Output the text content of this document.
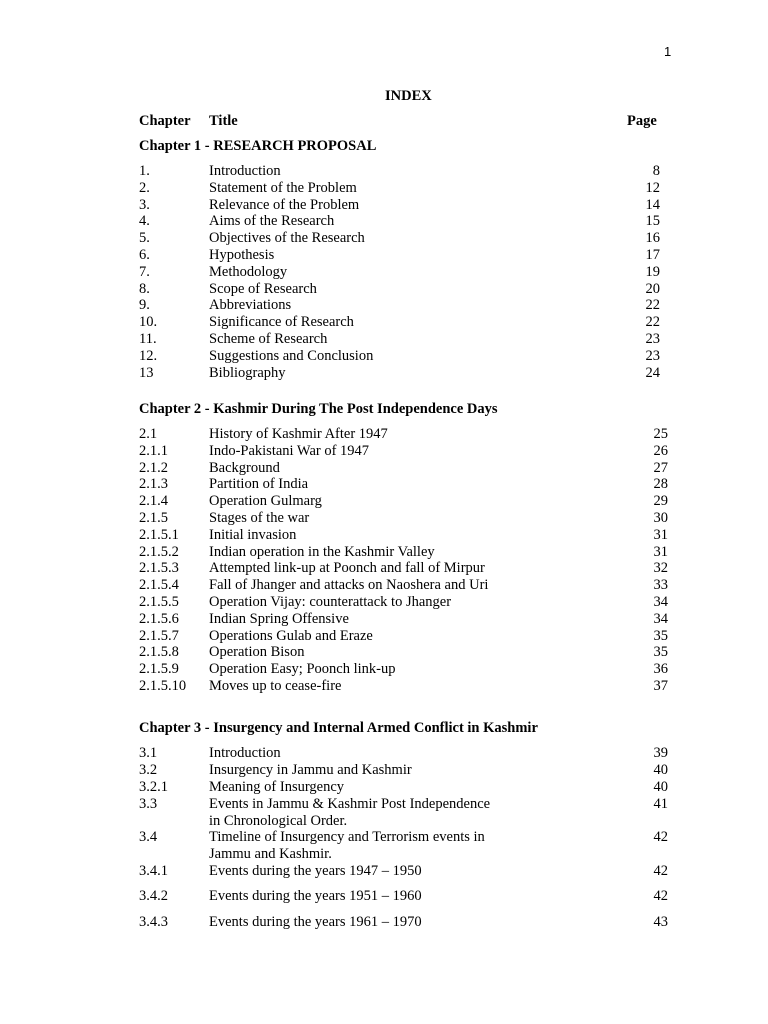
1
INDEX
Chapter Title	Page
Chapter 1 - RESEARCH PROPOSAL
1.	Introduction	8
2.	Statement of the Problem	12
3.	Relevance of the Problem	14
4.	Aims of the Research	15
5.	Objectives of the Research	16
6.	Hypothesis	17
7.	Methodology	19
8.	Scope of Research	20
9.	Abbreviations	22
10.	Significance of Research	22
11.	Scheme of Research	23
12.	Suggestions and Conclusion	23
13	Bibliography	24
Chapter 2 - Kashmir During The Post Independence Days
2.1	History of Kashmir After 1947	25
2.1.1	Indo-Pakistani War of 1947	26
2.1.2	Background	27
2.1.3	Partition of India	28
2.1.4	Operation Gulmarg	29
2.1.5	Stages of the war	30
2.1.5.1 Initial invasion	31
2.1.5.2 Indian operation in the Kashmir Valley	31
2.1.5.3 Attempted link-up at Poonch and fall of Mirpur	32
2.1.5.4 Fall of Jhanger and attacks on Naoshera and Uri	33
2.1.5.5 Operation Vijay: counterattack to Jhanger	34
2.1.5.6 Indian Spring Offensive	34
2.1.5.7 Operations Gulab and Eraze	35
2.1.5.8 Operation Bison	35
2.1.5.9 Operation Easy; Poonch link-up	36
2.1.5.10 Moves up to cease-fire	37
Chapter 3 - Insurgency and Internal Armed Conflict in Kashmir
3.1	Introduction	39
3.2	Insurgency in Jammu and Kashmir	40
3.2.1	Meaning of Insurgency	40
3.3	Events in Jammu & Kashmir Post Independence
in Chronological Order.
41
3.4	Timeline of Insurgency and Terrorism events in
Jammu and Kashmir.
42
3.4.1	Events during the years 1947 – 1950	42
3.4.2	Events during the years 1951 – 1960	42
3.4.3	Events during the years 1961 – 1970	43
